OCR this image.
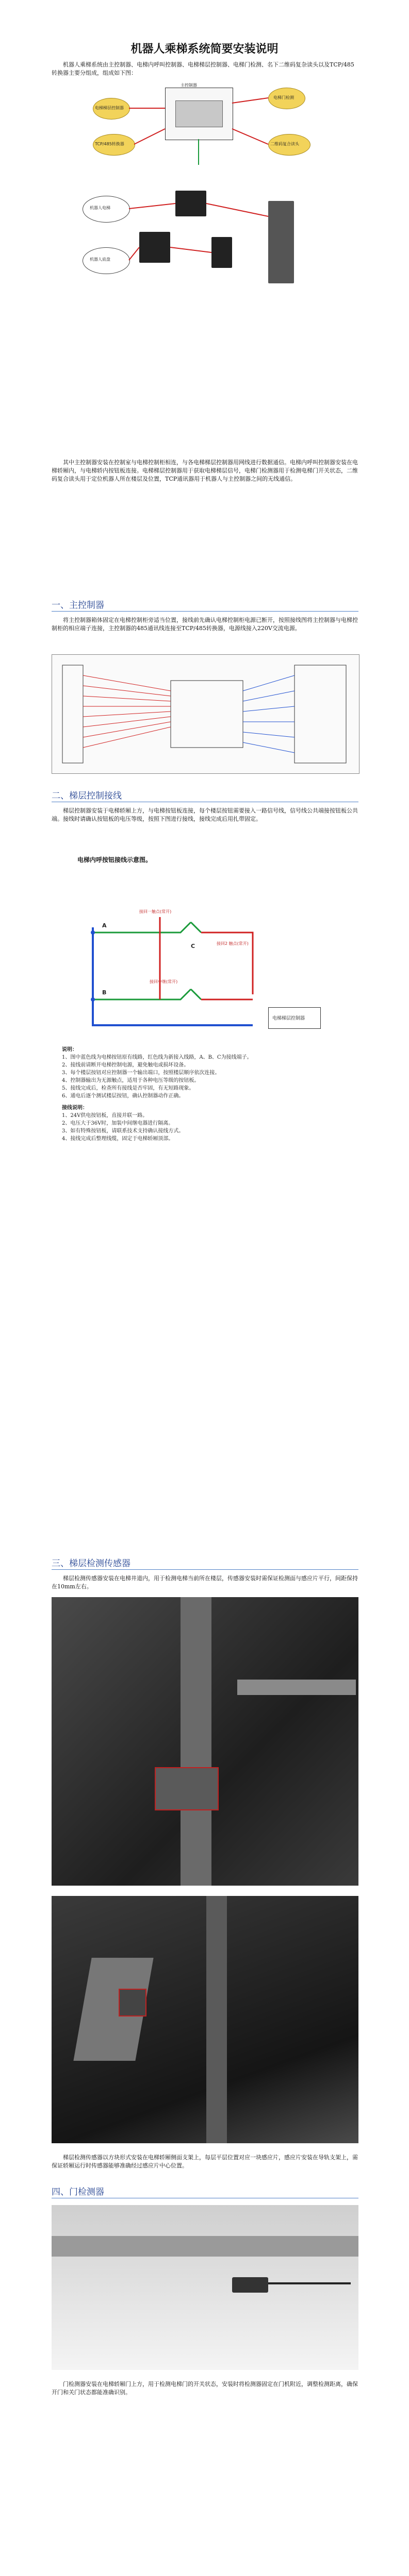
机器人乘梯系统简要安装说明
机器人乘梯系统由主控制器、电梯内呼叫控制器、电梯梯层控制器、电梯门检测、名下二维码复杂读头以及TCP/485 转换器主要分组成，组成如下图：
电梯梯层控制器
主控制器
电梯门检测
TCP/485转换器	二维码复合读头
机器人电梯
机器人底盘
其中主控制器安装在控制室与电梯控制柜相连，与各电梯梯层控制器用网线进行数据通信。电梯内呼叫控制器安装在电梯轿厢内，与电梯轿内按钮板连接。电梯梯层控制器用于获取电梯梯层信号，电梯门检测器用于检测电梯门开关状态，二维码复合读头用于定位机器人所在楼层及位置，TCP通讯器用于机器人与主控制器之间的无线通信。
一、主控制器
将主控制器箱体固定在电梯控制柜旁适当位置，接线前先确认电梯控制柜电源已断开，按照接线图将主控制器与电梯控制柜的相应端子连接，主控制器的485通讯线连接至TCP/485转换器，电源线接入220V交流电源。
二、梯层控制接线
梯层控制器安装于电梯轿厢上方，与电梯按钮板连接，每个楼层按钮需要接入一路信号线，信号线公共端接按钮板公共端。接线时请确认按钮板的电压等级，按照下图进行接线，接线完成后用扎带固定。
电梯内呼按钮接线示意图。
A
B
C
接回一触点(常开)
接回中继(常开)
接回2 触点(常开)
电梯梯层控制器
说明：
1、图中蓝色线为电梯按钮原有线路，红色线为新接入线路，A、B、C为接线端子。
2、接线前请断开电梯控制电源，避免触电或损坏设备。
3、每个楼层按钮对应控制器一个输出端口，按照楼层顺序依次连接。
4、控制器输出为无源触点，适用于各种电压等级的按钮板。
5、接线完成后，检查所有接线是否牢固，有无短路现象。
6、通电后逐个测试楼层按钮，确认控制器动作正确。
接线说明：
1、24V供电按钮板，直接并联一路。
2、电压大于36V时，加装中间继电器进行隔离。
3、如有特殊按钮板，请联系技术支持确认接线方式。
4、接线完成后整理线缆，固定于电梯轿厢顶部。
三、梯层检测传感器
梯层检测传感器安装在电梯井道内，用于检测电梯当前所在楼层，传感器安装时需保证检测面与感应片平行，间距保持在10mm左右。
梯层检测传感器以方块形式安装在电梯轿厢侧面支架上，每层平层位置对应一块感应片，感应片安装在导轨支架上，需保证轿厢运行时传感器能够准确经过感应片中心位置。
四、门检测器
门检测器安装在电梯轿厢门上方，用于检测电梯门的开关状态，安装时将检测器固定在门机附近，调整检测距离，确保开门和关门状态都能准确识别。
